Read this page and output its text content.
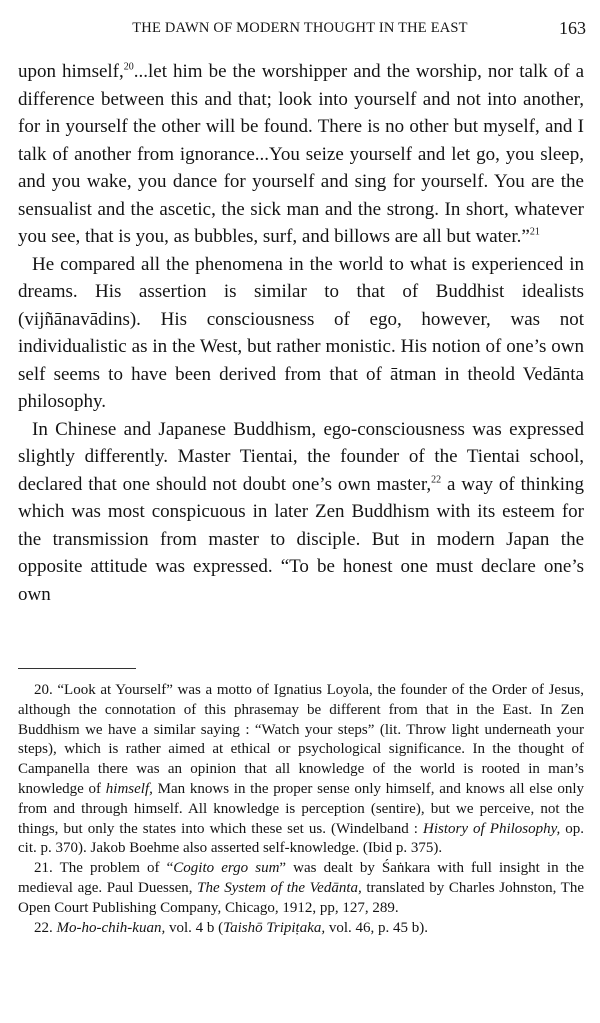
THE DAWN OF MODERN THOUGHT IN THE EAST	163

upon himself,$^{20}$...let him be the worshipper and the worship, nor talk of a difference between this and that; look into yourself and not into another, for in yourself the other will be found. There is no other but myself, and I talk of another from ignorance...You seize yourself and let go, you sleep, and you wake, you dance for yourself and sing for yourself. You are the sensualist and the ascetic, the sick man and the strong. In short, whatever you see, that is you, as bubbles, surf, and billows are all but water.”$^{21}$

He compared all the phenomena in the world to what is experienced in dreams. His assertion is similar to that of Buddhist idealists (vijñānavādins). His consciousness of ego, however, was not individualistic as in the West, but rather monistic. His notion of one’s own self seems to have been derived from that of ātman in theold Vedānta philosophy.

In Chinese and Japanese Buddhism, ego-consciousness was expressed slightly differently. Master Tientai, the founder of the Tientai school, declared that one should not doubt one’s own master,$^{22}$ a way of thinking which was most conspicuous in later Zen Buddhism with its esteem for the transmission from master to disciple. But in modern Japan the opposite attitude was expressed. “To be honest one must declare one’s own

20. “Look at Yourself” was a motto of Ignatius Loyola, the founder of the Order of Jesus, although the connotation of this phrasemay be different from that in the East. In Zen Buddhism we have a similar saying : “Watch your steps” (lit. Throw light underneath your steps), which is rather aimed at ethical or psychological significance. In the thought of Campanella there was an opinion that all knowledge of the world is rooted in man’s knowledge of himself, Man knows in the proper sense only himself, and knows all else only from and through himself. All knowledge is perception (sentire), but we perceive, not the things, but only the states into which these set us. (Windelband : History of Philosophy, op. cit. p. 370). Jakob Boehme also asserted self-knowledge. (Ibid p. 375).

21. The problem of “Cogito ergo sum” was dealt by Śaṅkara with full insight in the medieval age. Paul Duessen, The System of the Vedānta, translated by Charles Johnston, The Open Court Publishing Company, Chicago, 1912, pp, 127, 289.

22. Mo-ho-chih-kuan, vol. 4 b (Taishō Tripiṭaka, vol. 46, p. 45 b).
